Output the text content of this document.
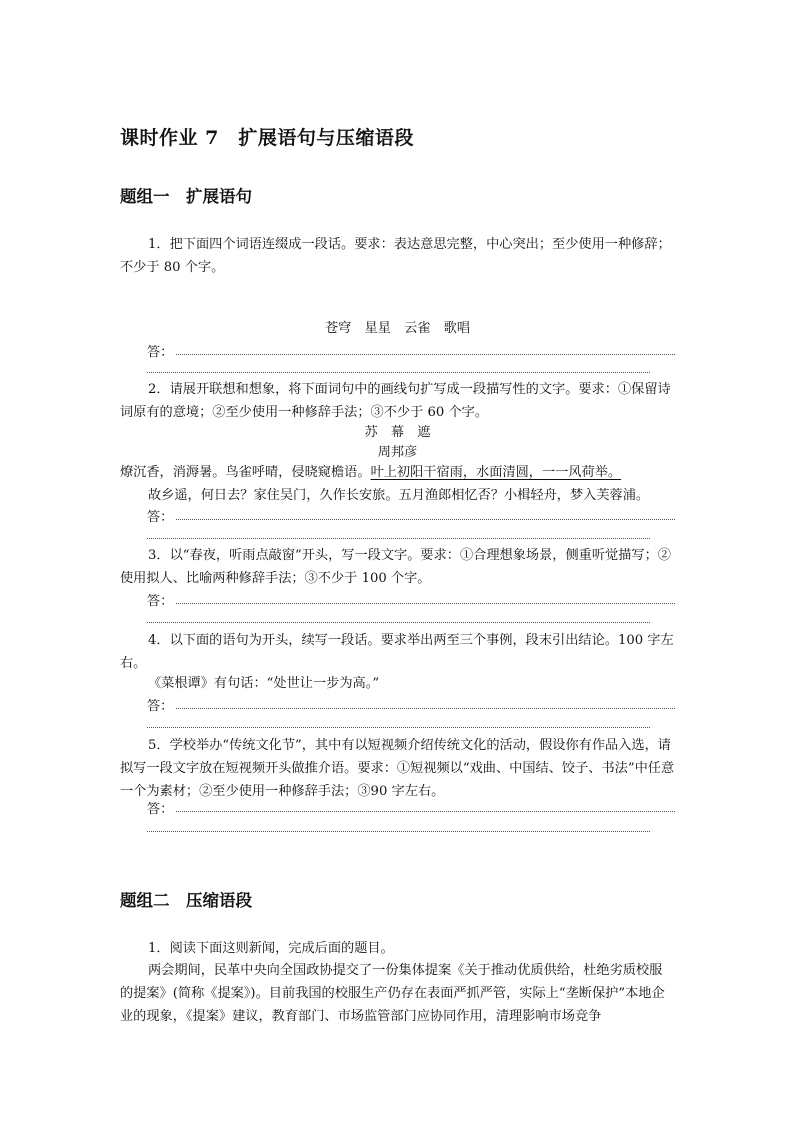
课时作业 7　扩展语句与压缩语段
题组一　扩展语句

1．把下面四个词语连缀成一段话。要求：表达意思完整，中心突出；至少使用一种修辞；不少于 80 个字。

苍穹　星星　云雀　歌唱
答：

2．请展开联想和想象，将下面词句中的画线句扩写成一段描写性的文字。要求：①保留诗词原有的意境；②至少使用一种修辞手法；③不少于 60 个字。

苏　幕　遮
周邦彦

燎沉香，消溽暑。鸟雀呼晴，侵晓窥檐语。叶上初阳干宿雨，水面清圆，一一风荷举。

故乡遥，何日去？家住吴门，久作长安旅。五月渔郎相忆否？小楫轻舟，梦入芙蓉浦。

答：

3．以“春夜，听雨点敲窗”开头，写一段文字。要求：①合理想象场景，侧重听觉描写；②使用拟人、比喻两种修辞手法；③不少于 100 个字。

答：

4．以下面的语句为开头，续写一段话。要求举出两至三个事例，段末引出结论。100 字左右。

《菜根谭》有句话：“处世让一步为高。”

答：

5．学校举办“传统文化节”，其中有以短视频介绍传统文化的活动，假设你有作品入选，请拟写一段文字放在短视频开头做推介语。要求：①短视频以“戏曲、中国结、饺子、书法”中任意一个为素材；②至少使用一种修辞手法；③90 字左右。

答：
题组二　压缩语段

1．阅读下面这则新闻，完成后面的题目。

两会期间，民革中央向全国政协提交了一份集体提案《关于推动优质供给，杜绝劣质校服的提案》(简称《提案》)。目前我国的校服生产仍存在表面严抓严管，实际上“垄断保护”本地企业的现象，《提案》建议，教育部门、市场监管部门应协同作用，清理影响市场竞争
